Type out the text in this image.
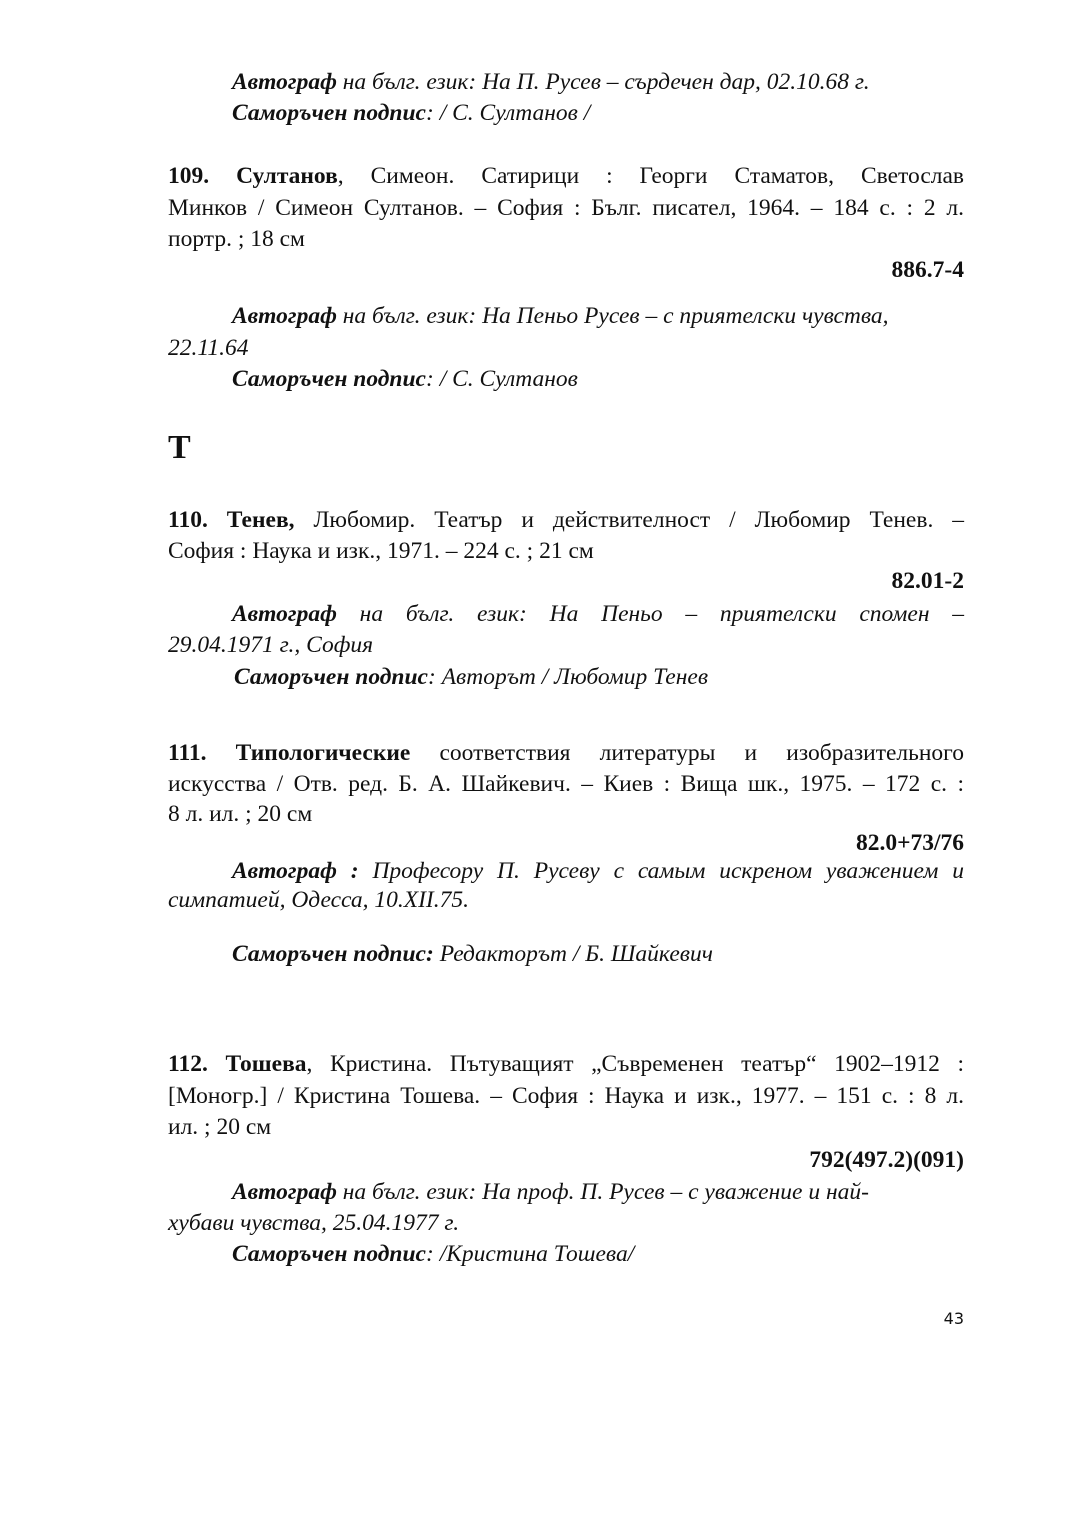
Автограф на бълг. език: На П. Русев – сърдечен дар, 02.10.68 г.
Саморъчен подпис: / С. Султанов /
109. Султанов, Симеон. Сатирици : Георги Стаматов, Светослав
Минков / Симеон Султанов. – София : Бълг. писател, 1964. – 184 с. : 2 л.
портр. ; 18 см
886.7-4
Автограф на бълг. език: На Пеньо Русев – с приятелски чувства,
22.11.64
Саморъчен подпис: / С. Султанов
Т
110. Тенев, Любомир. Театър и действителност / Любомир Тенев. –
София : Наука и изк., 1971. – 224 с. ; 21 см
82.01-2
Автограф на бълг. език: На Пеньо – приятелски спомен –
29.04.1971 г., София
Саморъчен подпис: Авторът / Любомир Тенев
111. Типологические соответствия литературы и изобразительного
искусства / Отв. ред. Б. А. Шайкевич. – Киев : Вища шк., 1975. – 172 с. :
8 л. ил. ; 20 см
82.0+73/76
Автограф : Професору П. Русеву с самым искреном уважением и
симпатией, Одесса, 10.XII.75.
Саморъчен подпис: Редакторът / Б. Шайкевич
112. Тошева, Кристина. Пътуващият „Съвременен театър“ 1902–1912 :
[Моногр.] / Кристина Тошева. – София : Наука и изк., 1977. – 151 с. : 8 л.
ил. ; 20 см
792(497.2)(091)
Автограф на бълг. език: На проф. П. Русев – с уважение и най-
хубави чувства, 25.04.1977 г.
Саморъчен подпис: /Кристина Тошева/
43
